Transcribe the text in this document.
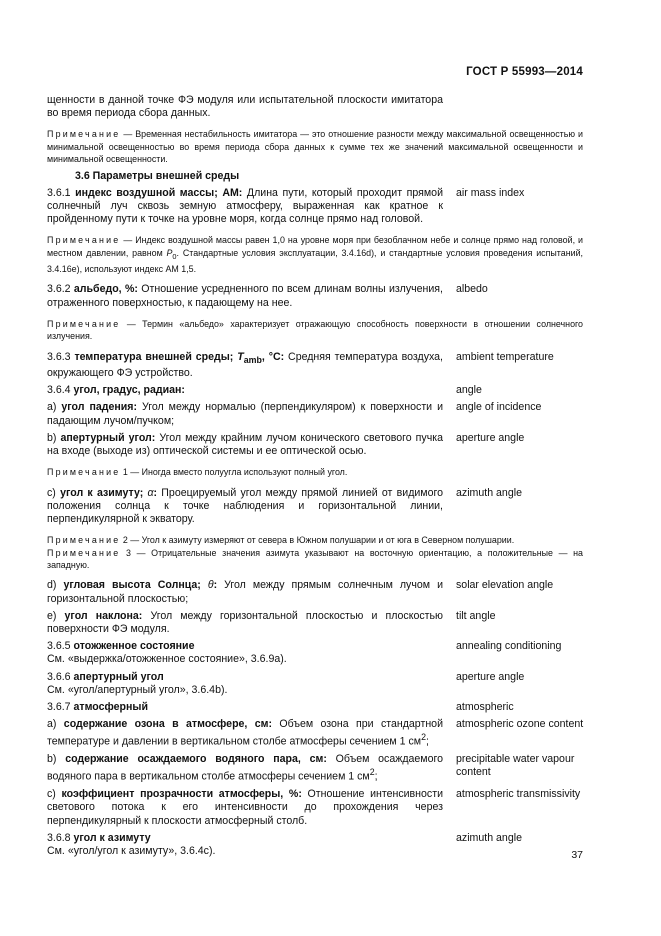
ГОСТ Р 55993—2014
щенности в данной точке ФЭ модуля или испытательной плоскости имитатора во время периода сбора данных.
Примечание — Временная нестабильность имитатора — это отношение разности между максимальной освещенностью и минимальной освещенностью во время периода сбора данных к сумме тех же значений максимальной освещенности и минимальной освещенности.
3.6 Параметры внешней среды
3.6.1 индекс воздушной массы; АМ: Длина пути, который проходит прямой солнечный луч сквозь земную атмосферу, выраженная как кратное к пройденному пути к точке на уровне моря, когда солнце прямо над головой.
air mass index
Примечание — Индекс воздушной массы равен 1,0 на уровне моря при безоблачном небе и солнце прямо над головой, и местном давлении, равном $P_0$. Стандартные условия эксплуатации, 3.4.16d), и стандартные условия проведения испытаний, 3.4.16е), используют индекс АМ 1,5.
3.6.2 альбедо, %: Отношение усредненного по всем длинам волны излучения, отраженного поверхностью, к падающему на нее.
albedo
Примечание — Термин «альбедо» характеризует отражающую способность поверхности в отношении солнечного излучения.
3.6.3 температура внешней среды; $T_{amb}$, °С: Средняя температура воздуха, окружающего ФЭ устройство.
ambient temperature
3.6.4 угол, градус, радиан:	angle
a) угол падения: Угол между нормалью (перпендикуляром) к поверхности и падающим лучом/пучком;
angle of incidence
b) апертурный угол: Угол между крайним лучом конического светового пучка на входе (выходе из) оптической системы и ее оптической осью.
aperture angle
Примечание 1 — Иногда вместо полуугла используют полный угол.
c) угол к азимуту; α: Проецируемый угол между прямой линией от видимого положения солнца к точке наблюдения и горизонтальной линии, перпендикулярной к экватору.
azimuth angle
Примечание 2 — Угол к азимуту измеряют от севера в Южном полушарии и от юга в Северном полушарии.
Примечание 3 — Отрицательные значения азимута указывают на восточную ориентацию, а положительные — на западную.
d) угловая высота Солнца; θ: Угол между прямым солнечным лучом и горизонтальной плоскостью;
solar elevation angle
e) угол наклона: Угол между горизонтальной плоскостью и плоскостью поверхности ФЭ модуля.
tilt angle
3.6.5 отожженное состояние
См. «выдержка/отожженное состояние», 3.6.9а).
annealing conditioning
3.6.6 апертурный угол
См. «угол/апертурный угол», 3.6.4b).
aperture angle
3.6.7 атмосферный	atmospheric
a) содержание озона в атмосфере, см: Объем озона при стандартной температуре и давлении в вертикальном столбе атмосферы сечением 1 $см^2$;
atmospheric ozone content
b) содержание осаждаемого водяного пара, см: Объем осаждаемого водяного пара в вертикальном столбе атмосферы сечением 1 $см^2$;
precipitable water vapour content
c) коэффициент прозрачности атмосферы, %: Отношение интенсивности светового потока к его интенсивности до прохождения через перпендикулярный к плоскости атмосферный столб.
atmospheric transmissivity
3.6.8 угол к азимуту
См. «угол/угол к азимуту», 3.6.4с).
azimuth angle
37
